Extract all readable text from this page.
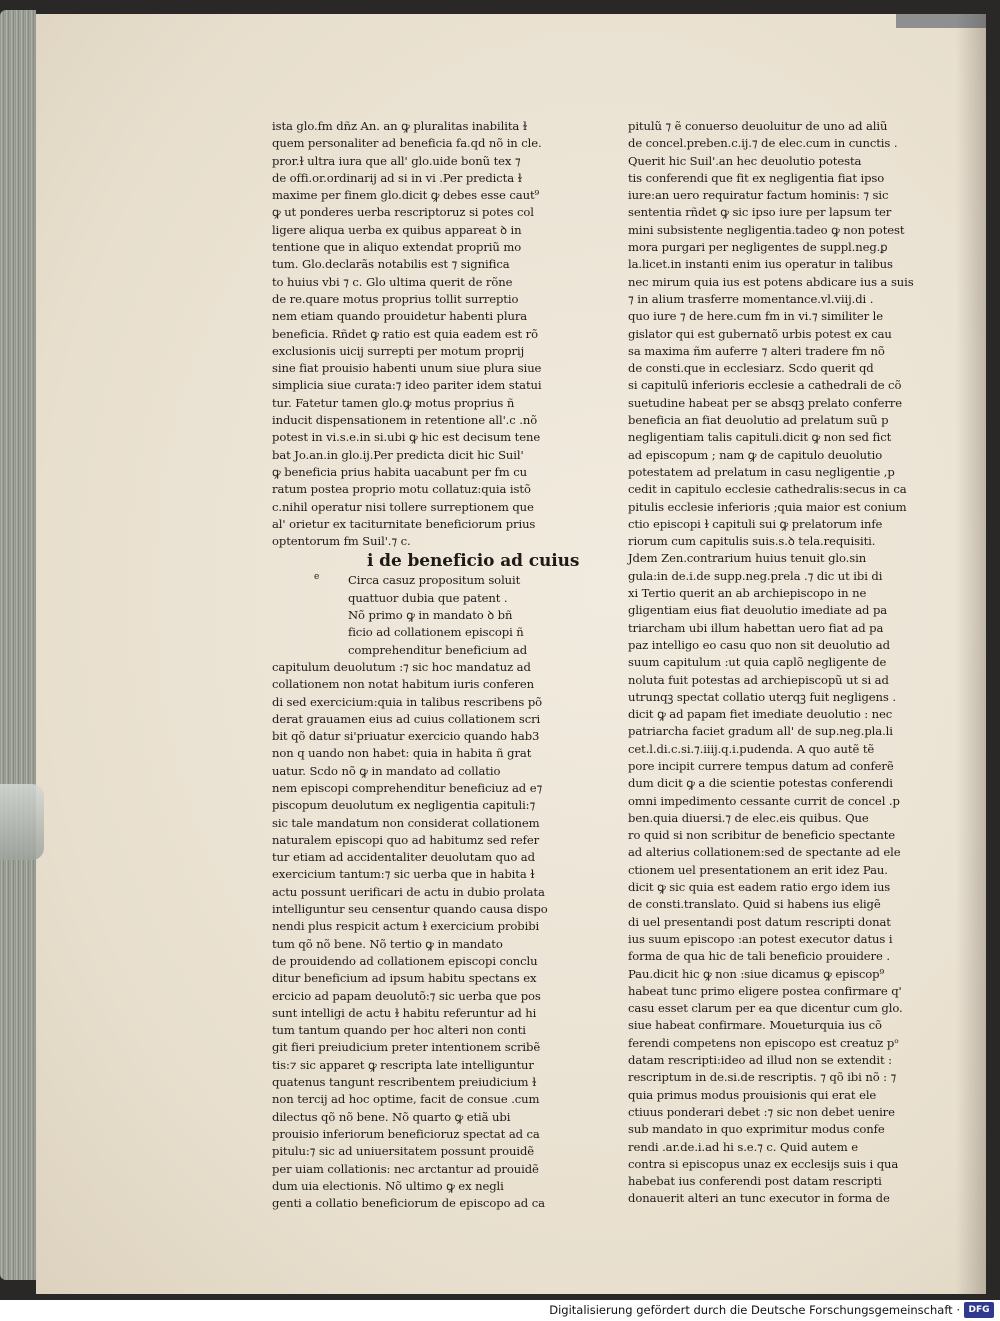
ista glo.fm dñz An. an ꝙ pluralitas inabilita ɫ
quem personaliter ad beneficia fa.qd nõ in cle.
pror.ɫ ultra iura que all' glo.uide bonũ tex ⁊
de offi.or.ordinarij ad si in vi .Per predicta ɫ
maxime per finem glo.dicit ꝙ debes esse caut⁹
ꝙ ut ponderes uerba rescriptoruz si potes col
ligere aliqua uerba ex quibus appareat ꝺ in
tentione que in aliquo extendat propriũ mo
tum. Glo.declarãs notabilis est ⁊ significa
to huius vbi ⁊ c. Glo ultima querit de rõne
de re.quare motus proprius tollit surreptio
nem etiam quando prouidetur habenti plura
beneficia. Rñdet ꝙ ratio est quia eadem est rõ
exclusionis uicij surrepti per motum proprij
sine fiat prouisio habenti unum siue plura siue
simplicia siue curata:⁊ ideo pariter idem statui
tur. Fatetur tamen glo.ꝙ motus proprius ñ
inducit dispensationem in retentione all'.c .nõ
potest in vi.s.e.in si.ubi ꝙ hic est decisum tene
bat Jo.an.in glo.ij.Per predicta dicit hic Suil'
ꝙ beneficia prius habita uacabunt per fm cu
ratum postea proprio motu collatuz:quia istõ
c.nihil operatur nisi tollere surreptionem que
al' orietur ex taciturnitate beneficiorum prius
optentorum fm Suil'.⁊ c.
i de beneficio ad cuius
Circa casuz propositum soluit
quattuor dubia que patent .
Nõ primo ꝙ in mandato ꝺ bñ
ficio ad collationem episcopi ñ
comprehenditur beneficium ad
capitulum deuolutum :⁊ sic hoc mandatuz ad
collationem non notat habitum iuris conferen
di sed exercicium:quia in talibus rescribens põ
derat grauamen eius ad cuius collationem scri
bit qõ datur si'priuatur exercicio quando hab3
non q uando non habet: quia in habita ñ grat
uatur. Scdo nõ ꝙ in mandato ad collatio
nem episcopi comprehenditur beneficiuz ad e⁊
piscopum deuolutum ex negligentia capituli:⁊
sic tale mandatum non considerat collationem
naturalem episcopi quo ad habitumz sed refer
tur etiam ad accidentaliter deuolutam quo ad
exercicium tantum:⁊ sic uerba que in habita ɫ
actu possunt uerificari de actu in dubio prolata
intelliguntur seu censentur quando causa dispo
nendi plus respicit actum ɫ exercicium probibi
tum qõ nõ bene. Nõ tertio ꝙ in mandato
de prouidendo ad collationem episcopi conclu
ditur beneficium ad ipsum habitu spectans ex
ercicio ad papam deuolutõ:⁊ sic uerba que pos
sunt intelligi de actu ɫ habitu referuntur ad hi
tum tantum quando per hoc alteri non conti
git fieri preiudicium preter intentionem scribẽ
tis:⁊ sic apparet ꝙ rescripta late intelliguntur
quatenus tangunt rescribentem preiudicium ɫ
non tercij ad hoc optime, facit de consue .cum
dilectus qõ nõ bene. Nõ quarto ꝙ etiã ubi
prouisio inferiorum beneficioruz spectat ad ca
pitulu:⁊ sic ad uniuersitatem possunt prouidẽ
per uiam collationis: nec arctantur ad prouidẽ
dum uia electionis. Nõ ultimo ꝙ ex negli
genti a collatio beneficiorum de episcopo ad ca
e
pitulũ ⁊ ẽ conuerso deuoluitur de uno ad aliũ
de concel.preben.c.ij.⁊ de elec.cum in cunctis .
Querit hic Suil'.an hec deuolutio potesta
tis conferendi que fit ex negligentia fiat ipso
iure:an uero requiratur factum hominis: ⁊ sic
sententia rñdet ꝙ sic ipso iure per lapsum ter
mini subsistente negligentia.tadeo ꝙ non potest
mora purgari per negligentes de suppl.neg.ꝑ
la.licet.in instanti enim ius operatur in talibus
nec mirum quia ius est potens abdicare ius a suis
⁊ in alium trasferre momentance.vl.viij.di .
quo iure ⁊ de here.cum fm in vi.⁊ similiter le
gislator qui est gubernatõ urbis potest ex cau
sa maxima ñm auferre ⁊ alteri tradere fm nõ
de consti.que in ecclesiarz. Scdo querit qd
si capitulũ inferioris ecclesie a cathedrali de cõ
suetudine habeat per se absqꝫ prelato conferre
beneficia an fiat deuolutio ad prelatum suũ p
negligentiam talis capituli.dicit ꝙ non sed fict
ad episcopum ; nam ꝙ de capitulo deuolutio
potestatem ad prelatum in casu negligentie ,p
cedit in capitulo ecclesie cathedralis:secus in ca
pitulis ecclesie inferioris ;quia maior est conium
ctio episcopi ɫ capituli sui ꝙ prelatorum infe
riorum cum capitulis suis.s.ꝺ tela.requisiti.
Jdem Zen.contrarium huius tenuit glo.sin
gula:in de.i.de supp.neg.prela .⁊ dic ut ibi di
xi Tertio querit an ab archiepiscopo in ne
gligentiam eius fiat deuolutio imediate ad pa
triarcham ubi illum habettan uero fiat ad pa
paz intelligo eo casu quo non sit deuolutio ad
suum capitulum :ut quia caplõ negligente de
noluta fuit potestas ad archiepiscopũ ut si ad
utrunqꝫ spectat collatio uterqꝫ fuit negligens .
dicit ꝙ ad papam fiet imediate deuolutio : nec
patriarcha faciet gradum all' de sup.neg.pla.li
cet.l.di.c.si.⁊.iiij.q.i.pudenda. A quo autẽ tẽ
pore incipit currere tempus datum ad conferẽ
dum dicit ꝙ a die scientie potestas conferendi
omni impedimento cessante currit de concel .p
ben.quia diuersi.⁊ de elec.eis quibus. Que
ro quid si non scribitur de beneficio spectante
ad alterius collationem:sed de spectante ad ele
ctionem uel presentationem an erit idez Pau.
dicit ꝙ sic quia est eadem ratio ergo idem ius
de consti.translato. Quid si habens ius eligẽ
di uel presentandi post datum rescripti donat
ius suum episcopo :an potest executor datus i
forma de qua hic de tali beneficio prouidere .
Pau.dicit hic ꝙ non :siue dicamus ꝙ episcop⁹
habeat tunc primo eligere postea confirmare q'
casu esset clarum per ea que dicentur cum glo.
siue habeat confirmare. Moueturquia ius cõ
ferendi competens non episcopo est creatuz pᵒ
datam rescripti:ideo ad illud non se extendit :
rescriptum in de.si.de rescriptis. ⁊ qõ ibi nõ : ⁊
quia primus modus prouisionis qui erat ele
ctiuus ponderari debet :⁊ sic non debet uenire
sub mandato in quo exprimitur modus confe
rendi .ar.de.i.ad hi s.e.⁊ c. Quid autem e
contra si episcopus unaz ex ecclesijs suis i qua
habebat ius conferendi post datam rescripti
donauerit alteri an tunc executor in forma de
Digitalisierung gefördert durch die Deutsche Forschungsgemeinschaft · DFG
